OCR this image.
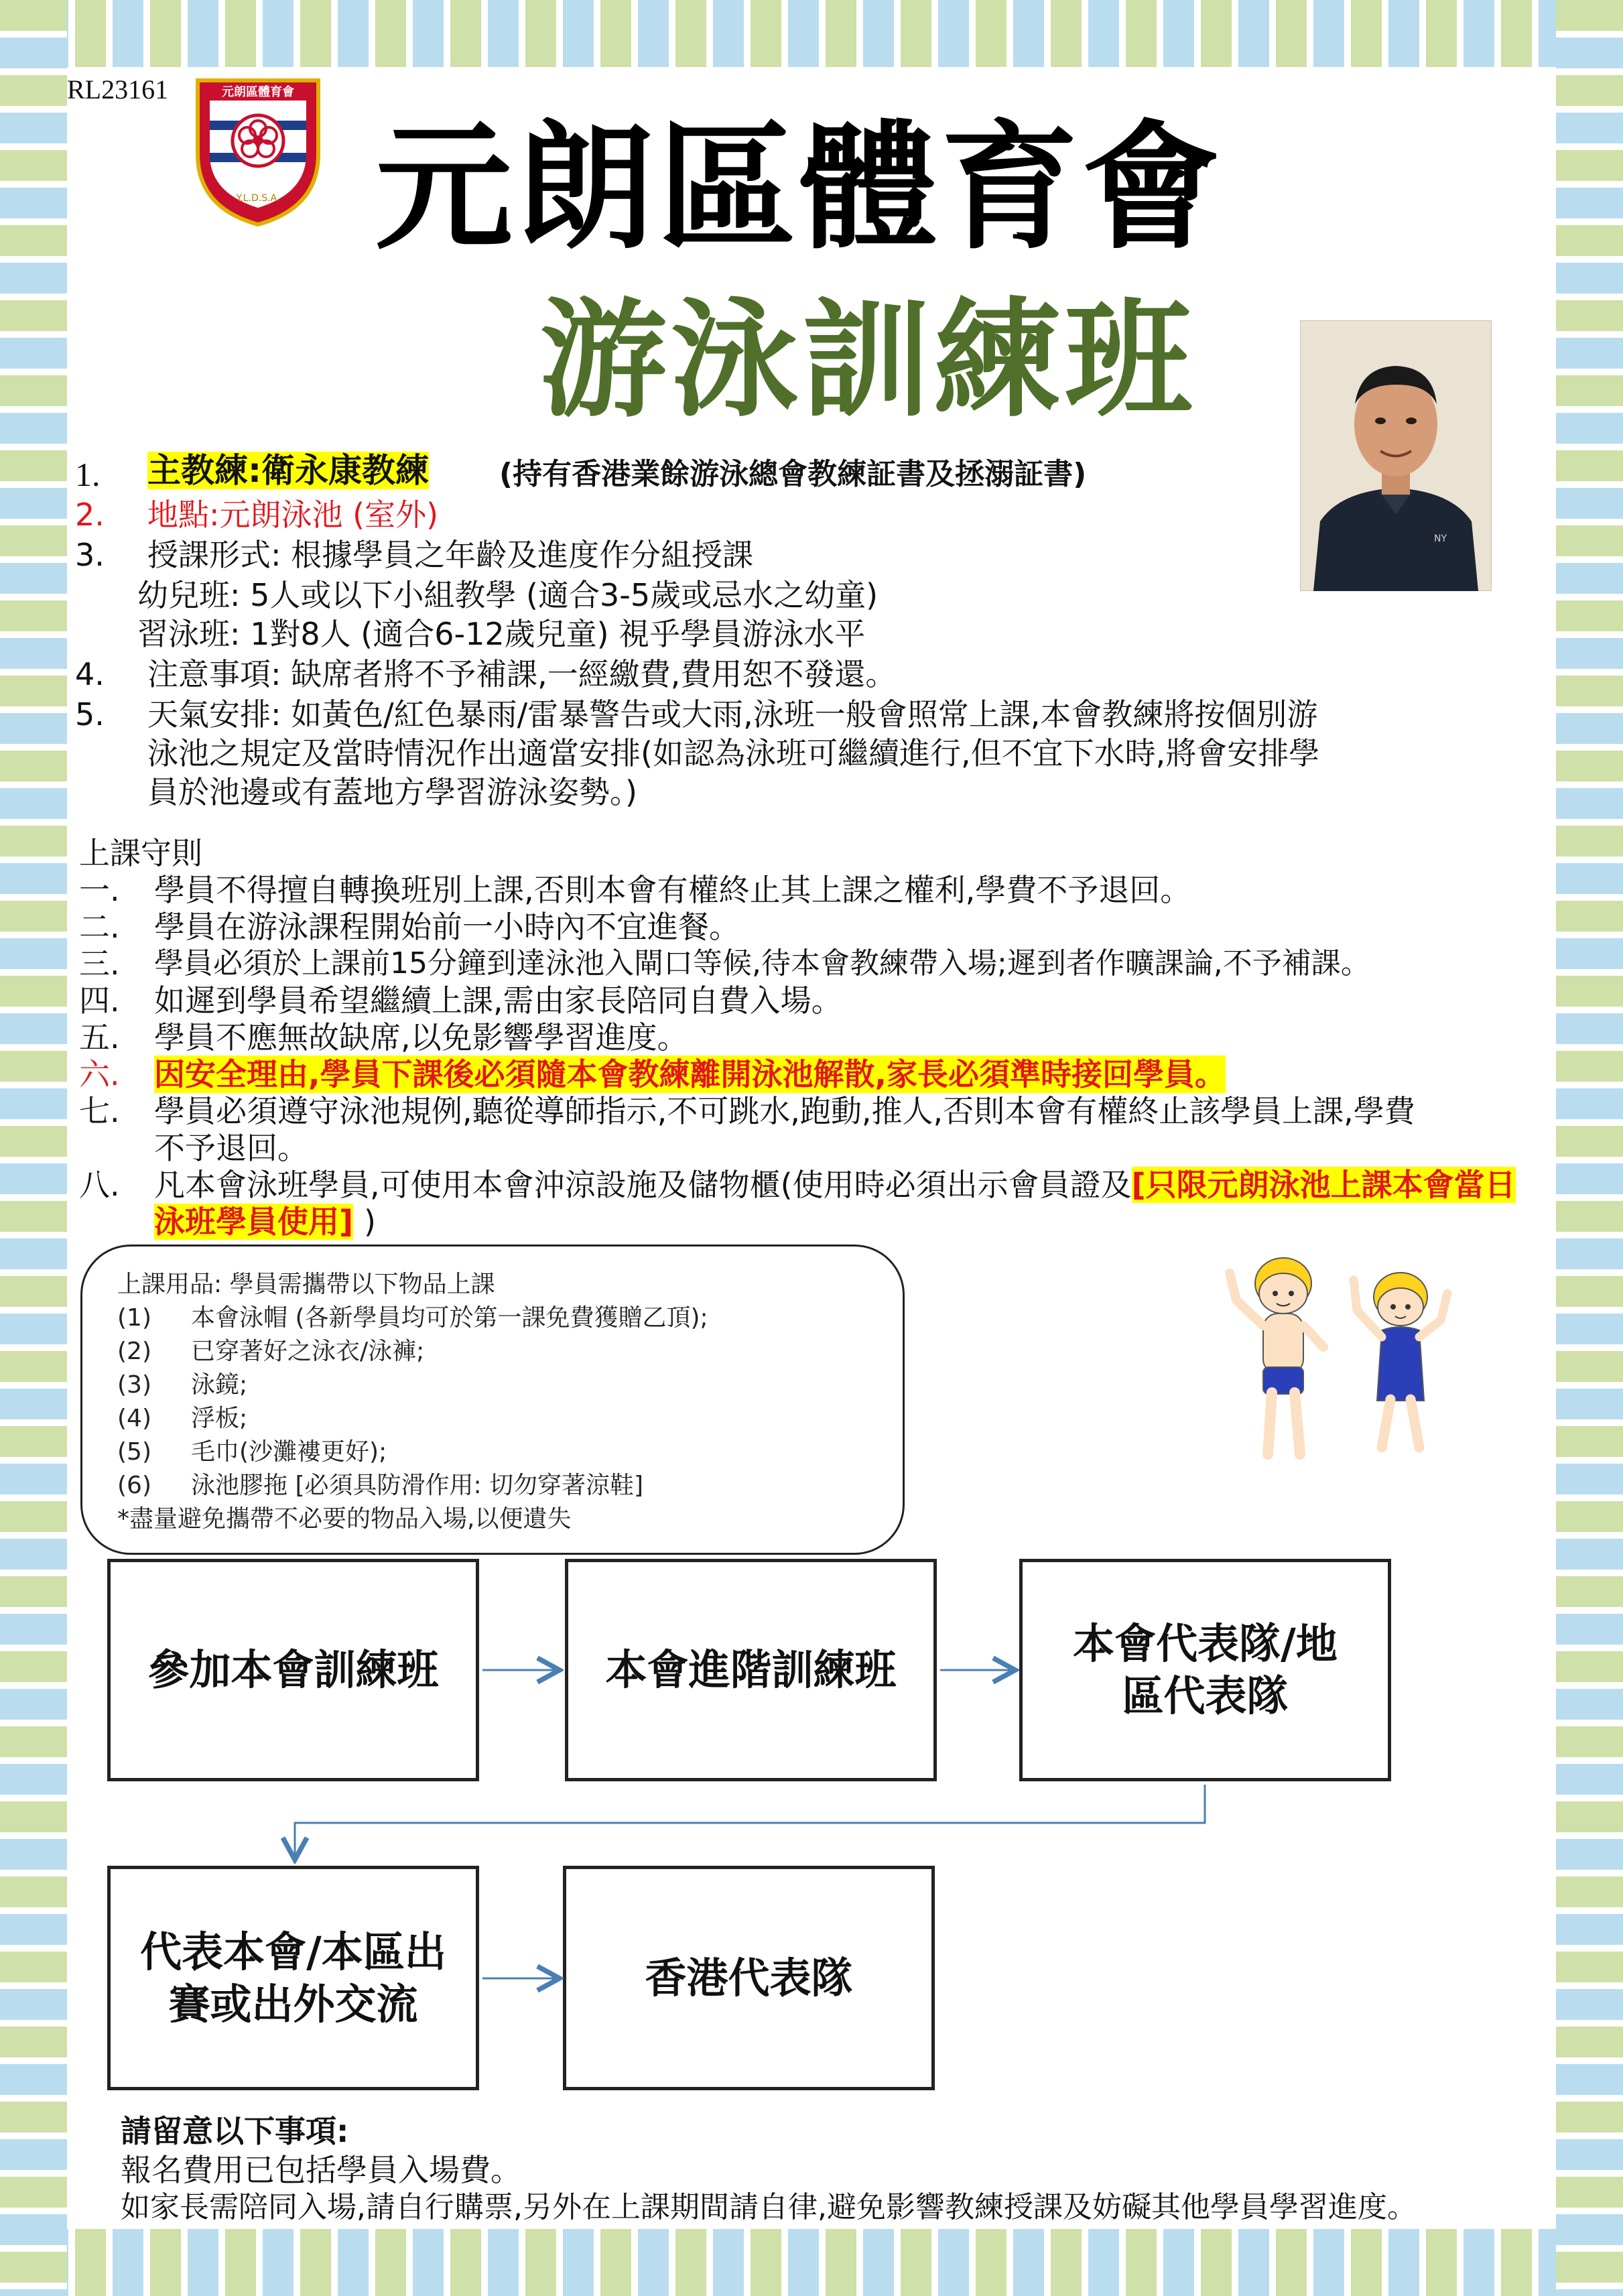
RL23161	元朗區體育會
Y.L.D.S.A. 元朗區體育會
游泳訓練班
NY
1. 主教練:衛永康教練 (持有香港業餘游泳總會教練証書及拯溺証書)
2. 地點:元朗泳池 (室外)
3. 授課形式: 根據學員之年齡及進度作分組授課
幼兒班: 5人或以下小組教學 (適合3-5歲或忌水之幼童)
習泳班: 1對8人 (適合6-12歲兒童) 視乎學員游泳水平
4. 注意事項: 缺席者將不予補課,一經繳費,費用恕不發還。
5. 天氣安排: 如黃色/紅色暴雨/雷暴警告或大雨,泳班一般會照常上課,本會教練將按個別游
泳池之規定及當時情況作出適當安排(如認為泳班可繼續進行,但不宜下水時,將會安排學
員於池邊或有蓋地方學習游泳姿勢。)
上課守則
一. 學員不得擅自轉換班別上課,否則本會有權終止其上課之權利,學費不予退回。
二. 學員在游泳課程開始前一小時內不宜進餐。
三. 學員必須於上課前15分鐘到達泳池入閘口等候,待本會教練帶入場;遲到者作曠課論,不予補課。
四. 如遲到學員希望繼續上課,需由家長陪同自費入場。
五. 學員不應無故缺席,以免影響學習進度。
六. 因安全理由,學員下課後必須隨本會教練離開泳池解散,家長必須準時接回學員。
七. 學員必須遵守泳池規例,聽從導師指示,不可跳水,跑動,推人,否則本會有權終止該學員上課,學費
不予退回。
八. 凡本會泳班學員,可使用本會沖涼設施及儲物櫃(使用時必須出示會員證及[只限元朗泳池上課本會當日
泳班學員使用] )
上課用品: 學員需攜帶以下物品上課
(1) 本會泳帽 (各新學員均可於第一課免費獲贈乙頂);
(2) 已穿著好之泳衣/泳褲;
(3) 泳鏡;
(4) 浮板;
(5) 毛巾(沙灘褸更好);
(6) 泳池膠拖 [必須具防滑作用: 切勿穿著涼鞋]
*盡量避免攜帶不必要的物品入場,以便遺失
參加本會訓練班	本會進階訓練班
本會代表隊/地
區代表隊
代表本會/本區出
賽或出外交流
香港代表隊
請留意以下事項:
報名費用已包括學員入場費。
如家長需陪同入場,請自行購票,另外在上課期間請自律,避免影響教練授課及妨礙其他學員學習進度。
